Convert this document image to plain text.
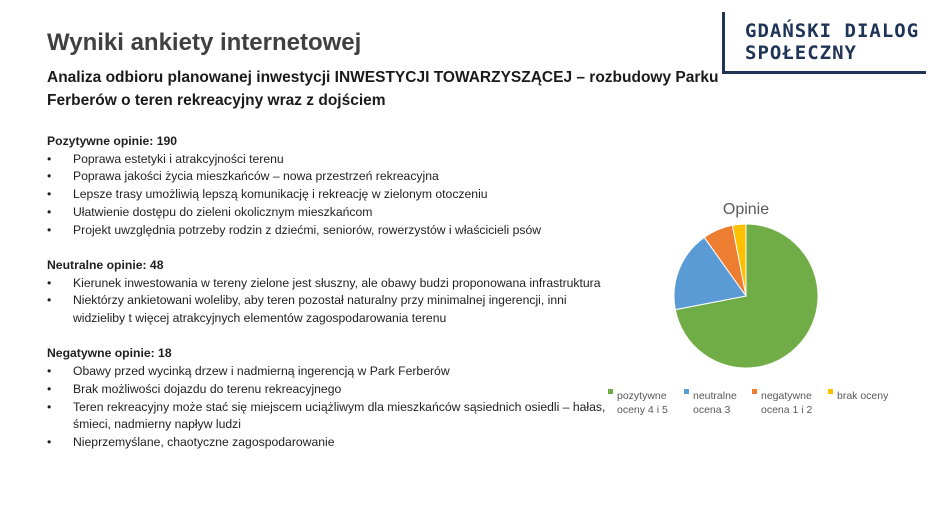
GDAŃSKI DIALOG
SPOŁECZNY
Wyniki ankiety internetowej

Analiza odbioru planowanej inwestycji INWESTYCJI TOWARZYSZĄCEJ – rozbudowy Parku Ferberów o teren rekreacyjny wraz z dojściem

Pozytywne opinie: 190
• Poprawa estetyki i atrakcyjności terenu
• Poprawa jakości życia mieszkańców – nowa przestrzeń rekreacyjna
• Lepsze trasy umożliwią lepszą komunikację i rekreację w zielonym otoczeniu
• Ułatwienie dostępu do zieleni okolicznym mieszkańcom
• Projekt uwzględnia potrzeby rodzin z dziećmi, seniorów, rowerzystów i właścicieli psów
Neutralne opinie: 48
• Kierunek inwestowania w tereny zielone jest słuszny, ale obawy budzi proponowana infrastruktura
• Niektórzy ankietowani woleliby, aby teren pozostał naturalny przy minimalnej ingerencji, inni widzieliby t więcej atrakcyjnych elementów zagospodarowania terenu
Negatywne opinie: 18
• Obawy przed wycinką drzew i nadmierną ingerencją w Park Ferberów
• Brak możliwości dojazdu do terenu rekreacyjnego
• Teren rekreacyjny może stać się miejscem uciążliwym dla mieszkańców sąsiednich osiedli – hałas, śmieci, nadmierny napływ ludzi
• Nieprzemyślane, chaotyczne zagospodarowanie
Opinie
pozytywne
oceny 4 i 5
neutralne
ocena 3
negatywne
ocena 1 i 2
brak oceny
